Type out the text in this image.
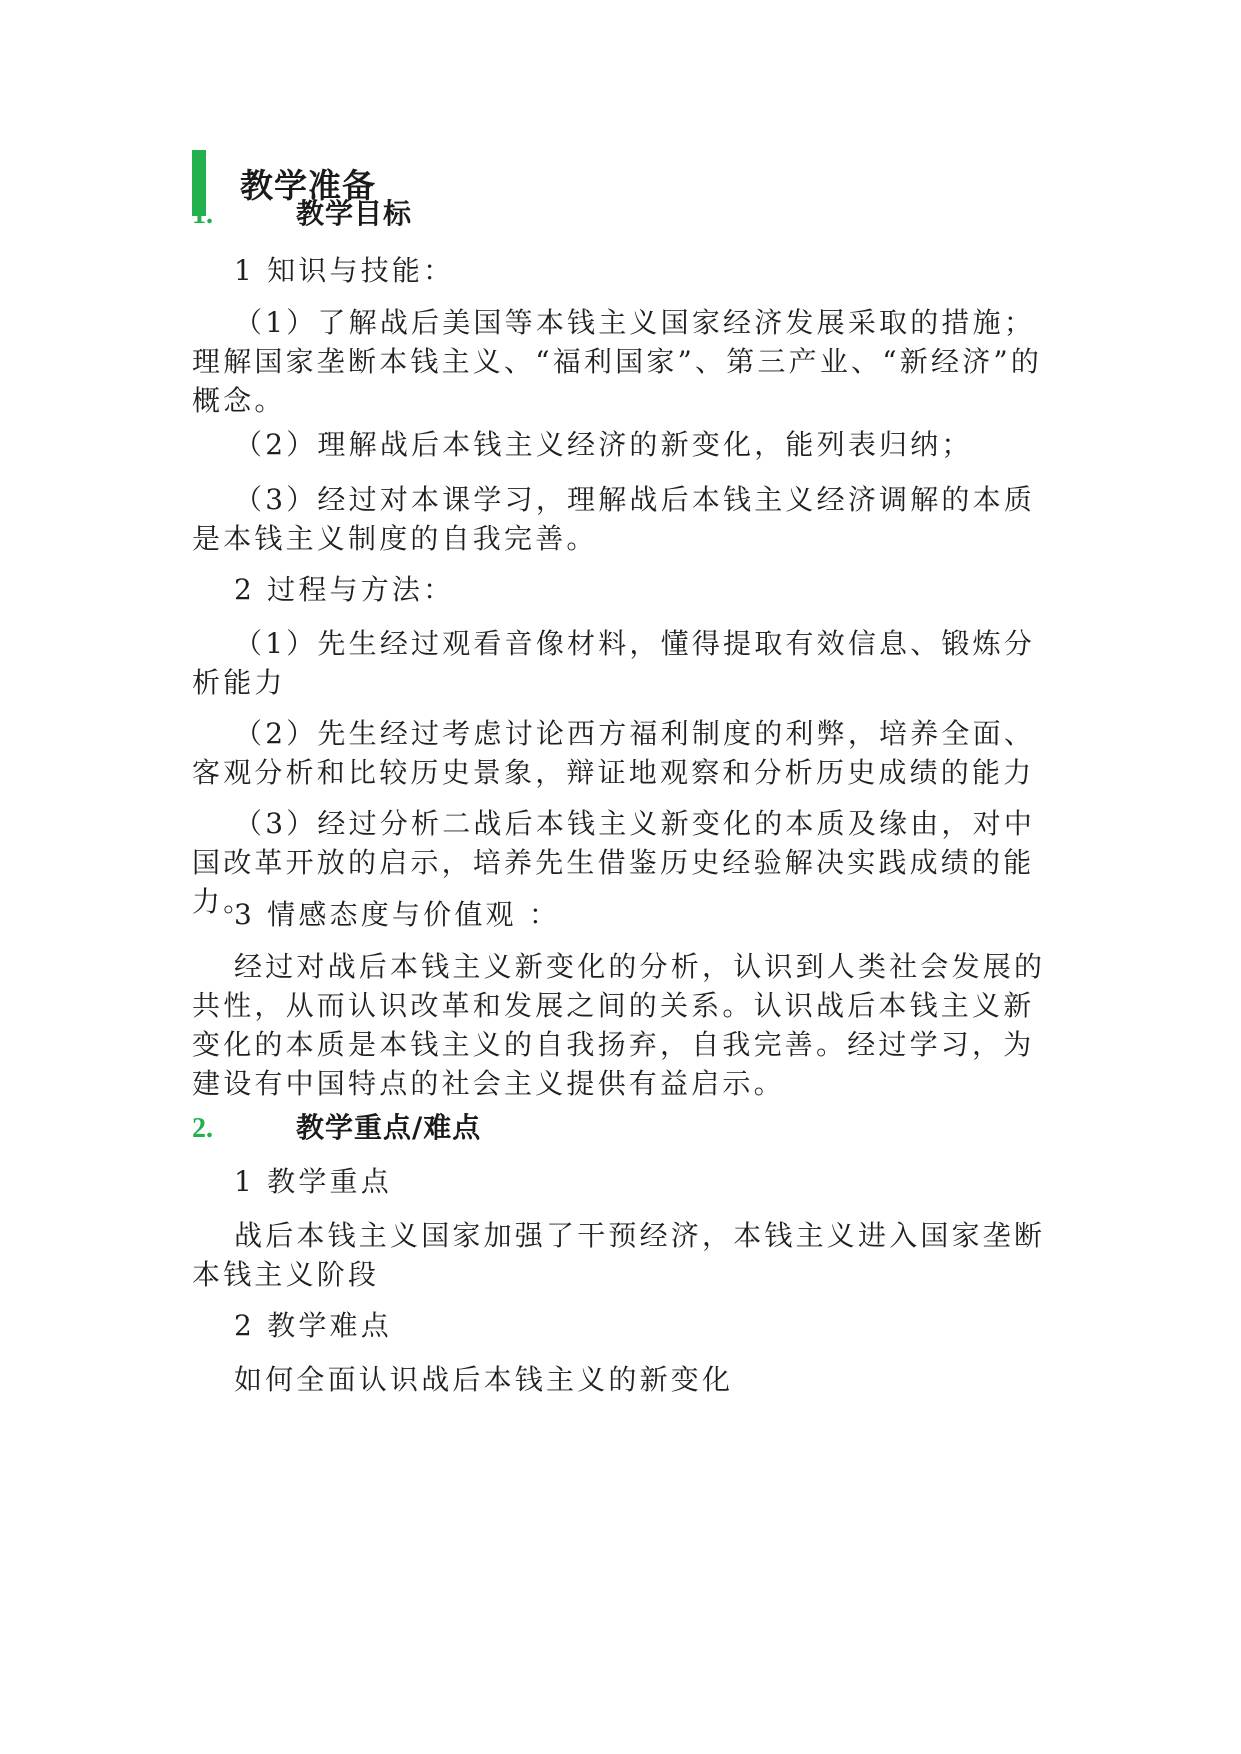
教学准备
1.	教学目标

1 知识与技能：

（1）了解战后美国等本钱主义国家经济发展采取的措施；理解国家垄断本钱主义、“福利国家”、第三产业、“新经济”的概念。

（2）理解战后本钱主义经济的新变化，能列表归纳；

（3）经过对本课学习，理解战后本钱主义经济调解的本质是本钱主义制度的自我完善。

2 过程与方法：

（1）先生经过观看音像材料，懂得提取有效信息、锻炼分析能力

（2）先生经过考虑讨论西方福利制度的利弊，培养全面、客观分析和比较历史景象，辩证地观察和分析历史成绩的能力

（3）经过分析二战后本钱主义新变化的本质及缘由，对中国改革开放的启示，培养先生借鉴历史经验解决实践成绩的能力。

3 情感态度与价值观 ：

经过对战后本钱主义新变化的分析，认识到人类社会发展的共性，从而认识改革和发展之间的关系。认识战后本钱主义新变化的本质是本钱主义的自我扬弃，自我完善。经过学习，为建设有中国特点的社会主义提供有益启示。

2.	教学重点/难点

1 教学重点

战后本钱主义国家加强了干预经济，本钱主义进入国家垄断本钱主义阶段

2 教学难点

如何全面认识战后本钱主义的新变化
